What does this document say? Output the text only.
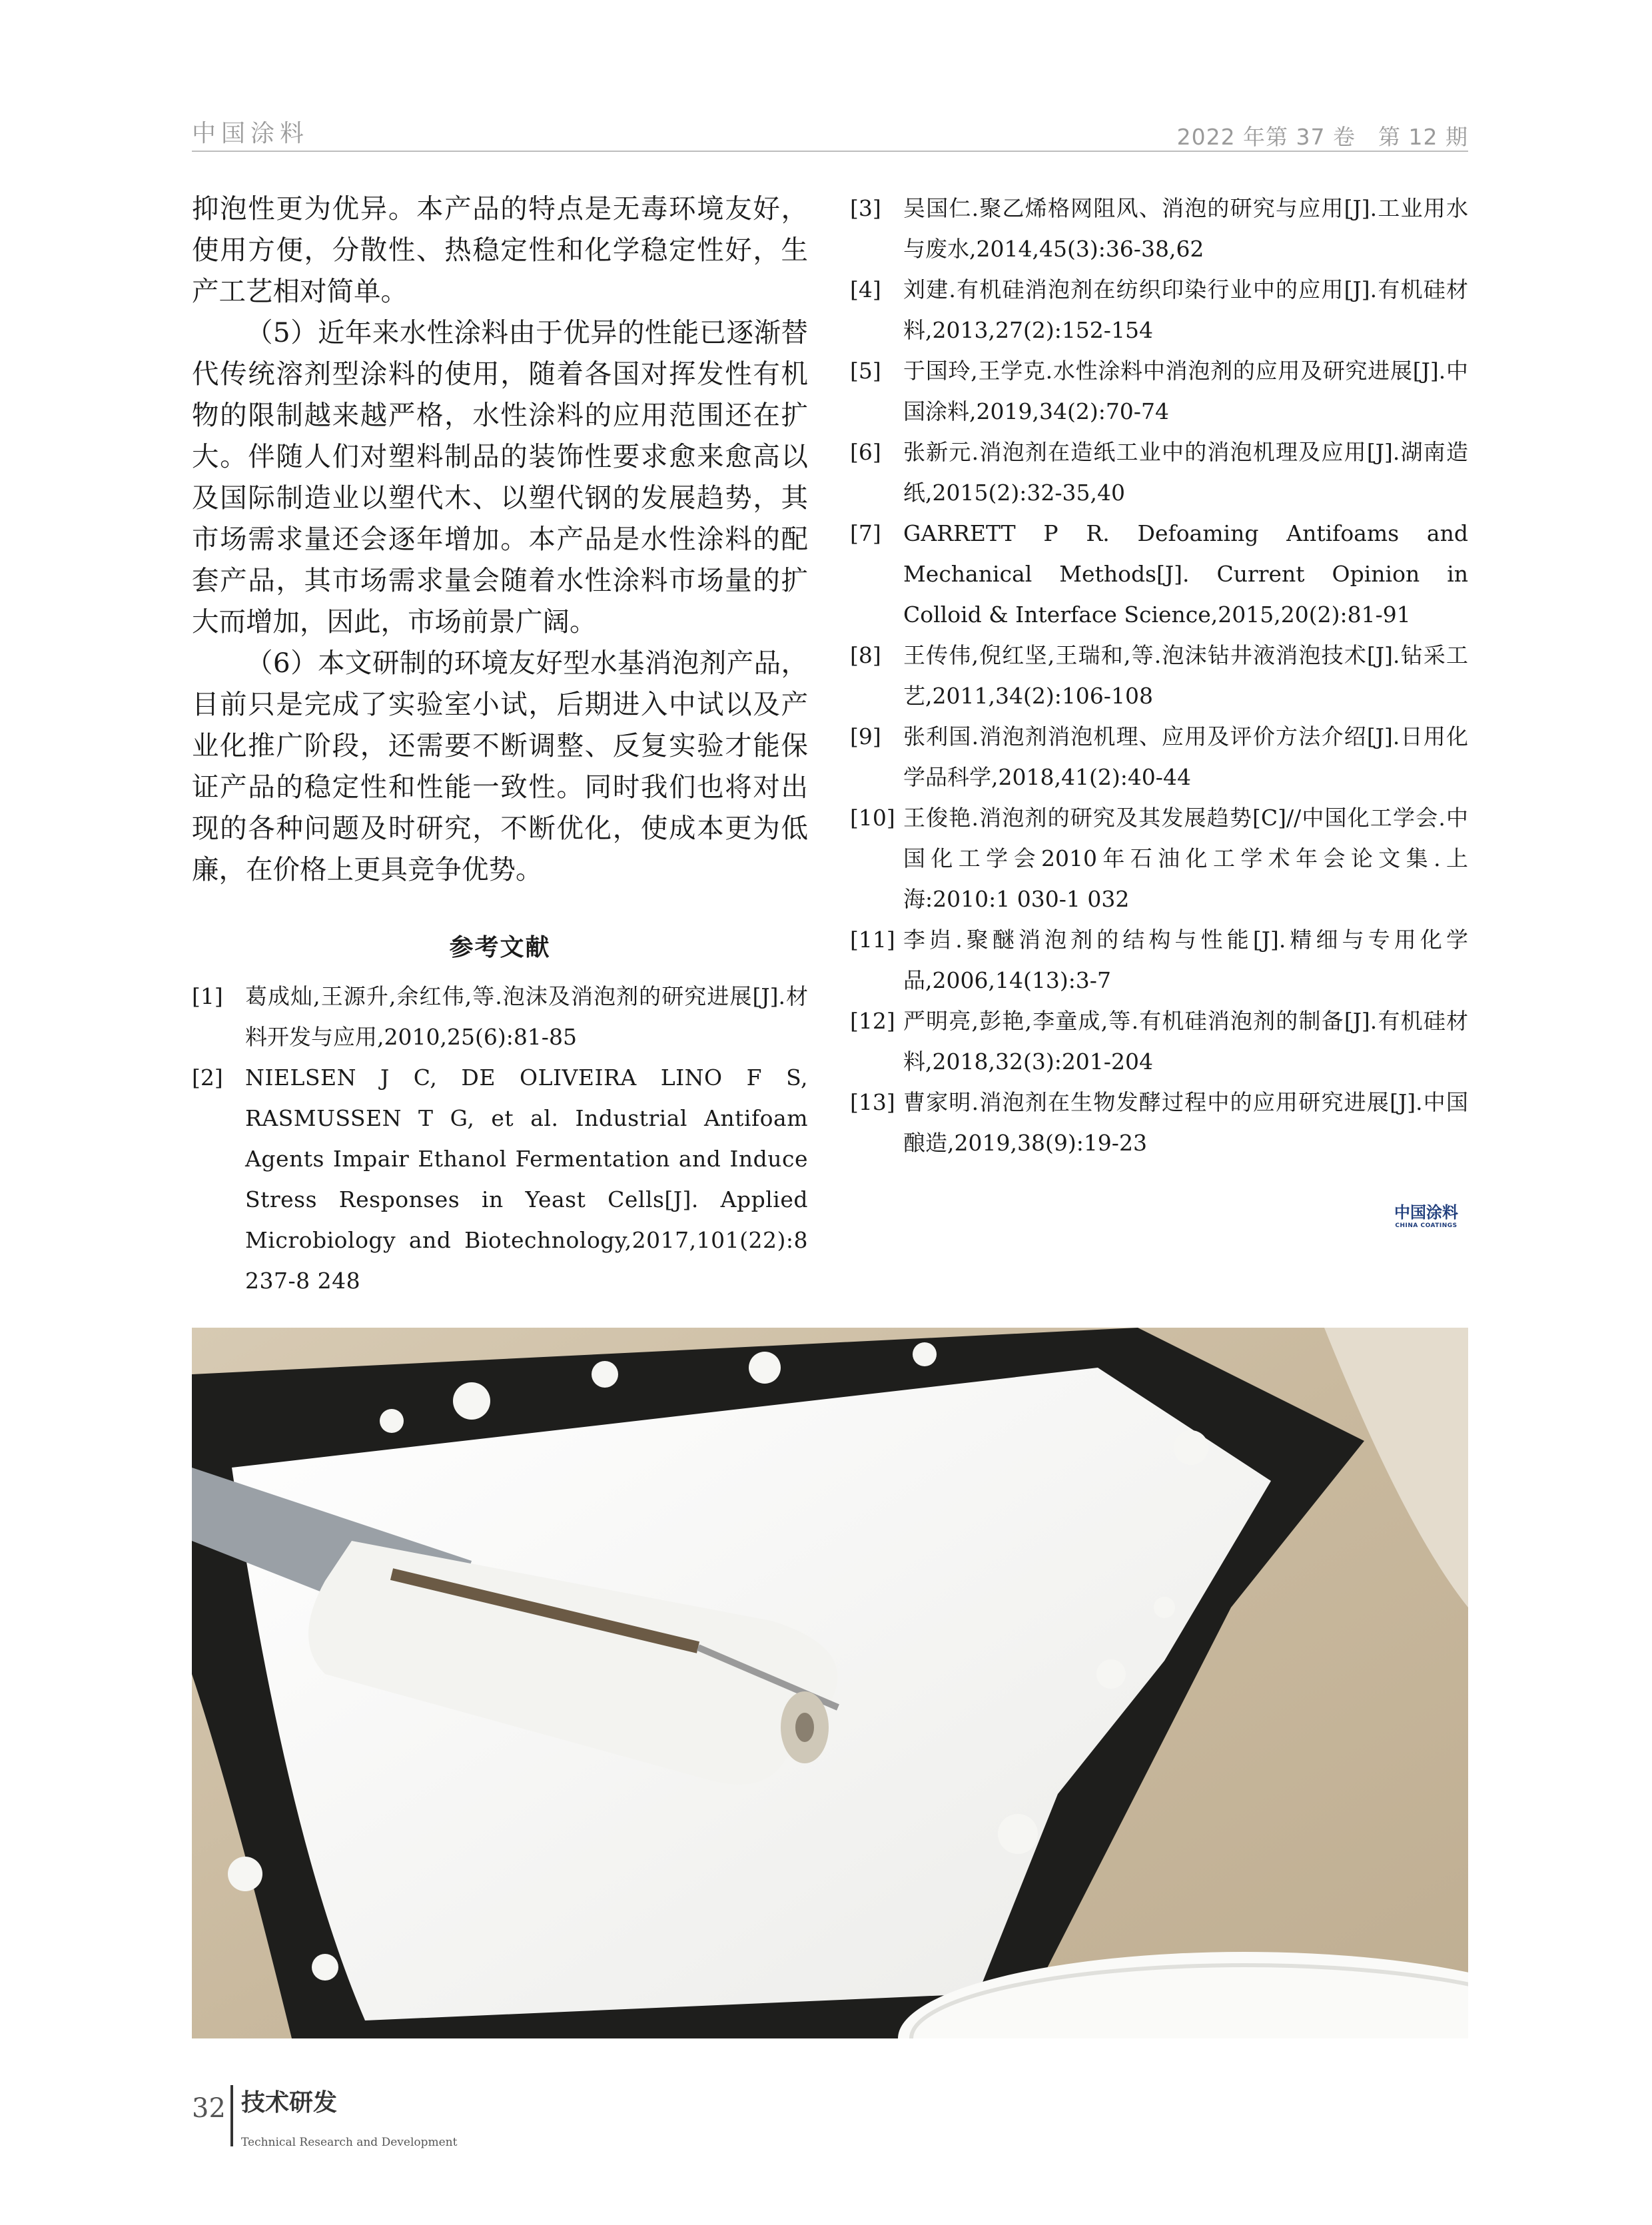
中国涂料	2022 年第 37 卷　第 12 期

抑泡性更为优异。本产品的特点是无毒环境友好，使用方便，分散性、热稳定性和化学稳定性好，生产工艺相对简单。

（5）近年来水性涂料由于优异的性能已逐渐替代传统溶剂型涂料的使用，随着各国对挥发性有机物的限制越来越严格，水性涂料的应用范围还在扩大。伴随人们对塑料制品的装饰性要求愈来愈高以及国际制造业以塑代木、以塑代钢的发展趋势，其市场需求量还会逐年增加。本产品是水性涂料的配套产品，其市场需求量会随着水性涂料市场量的扩大而增加，因此，市场前景广阔。

（6）本文研制的环境友好型水基消泡剂产品，目前只是完成了实验室小试，后期进入中试以及产业化推广阶段，还需要不断调整、反复实验才能保证产品的稳定性和性能一致性。同时我们也将对出现的各种问题及时研究，不断优化，使成本更为低廉，在价格上更具竞争优势。

参考文献
[1]	葛成灿,王源升,余红伟,等.泡沫及消泡剂的研究进展[J].材料开发与应用,2010,25(6):81-85
[2]	NIELSEN J C, DE OLIVEIRA LINO F S, RASMUSSEN T G, et al. Industrial Antifoam Agents Impair Ethanol Fermentation and Induce Stress Responses in Yeast Cells[J]. Applied Microbiology and Biotechnology,2017,101(22):8 237-8 248
[3]	吴国仁.聚乙烯格网阻风、消泡的研究与应用[J].工业用水与废水,2014,45(3):36-38,62
[4]	刘建.有机硅消泡剂在纺织印染行业中的应用[J].有机硅材料,2013,27(2):152-154
[5]	于国玲,王学克.水性涂料中消泡剂的应用及研究进展[J].中国涂料,2019,34(2):70-74
[6]	张新元.消泡剂在造纸工业中的消泡机理及应用[J].湖南造纸,2015(2):32-35,40
[7]	GARRETT P R. Defoaming Antifoams and Mechanical Methods[J]. Current Opinion in Colloid & Interface Science,2015,20(2):81-91
[8]	王传伟,倪红坚,王瑞和,等.泡沫钻井液消泡技术[J].钻采工艺,2011,34(2):106-108
[9]	张利国.消泡剂消泡机理、应用及评价方法介绍[J].日用化学品科学,2018,41(2):40-44
[10] 王俊艳.消泡剂的研究及其发展趋势[C]//中国化工学会.中国化工学会2010年石油化工学术年会论文集.上海:2010:1 030-1 032
[11] 李岿.聚醚消泡剂的结构与性能[J].精细与专用化学品,2006,14(13):3-7
[12] 严明亮,彭艳,李童成,等.有机硅消泡剂的制备[J].有机硅材料,2018,32(3):201-204
[13] 曹家明.消泡剂在生物发酵过程中的应用研究进展[J].中国酿造,2019,38(9):19-23
中国涂料
CHINA COATINGS
32 技术研发
Technical Research and Development
